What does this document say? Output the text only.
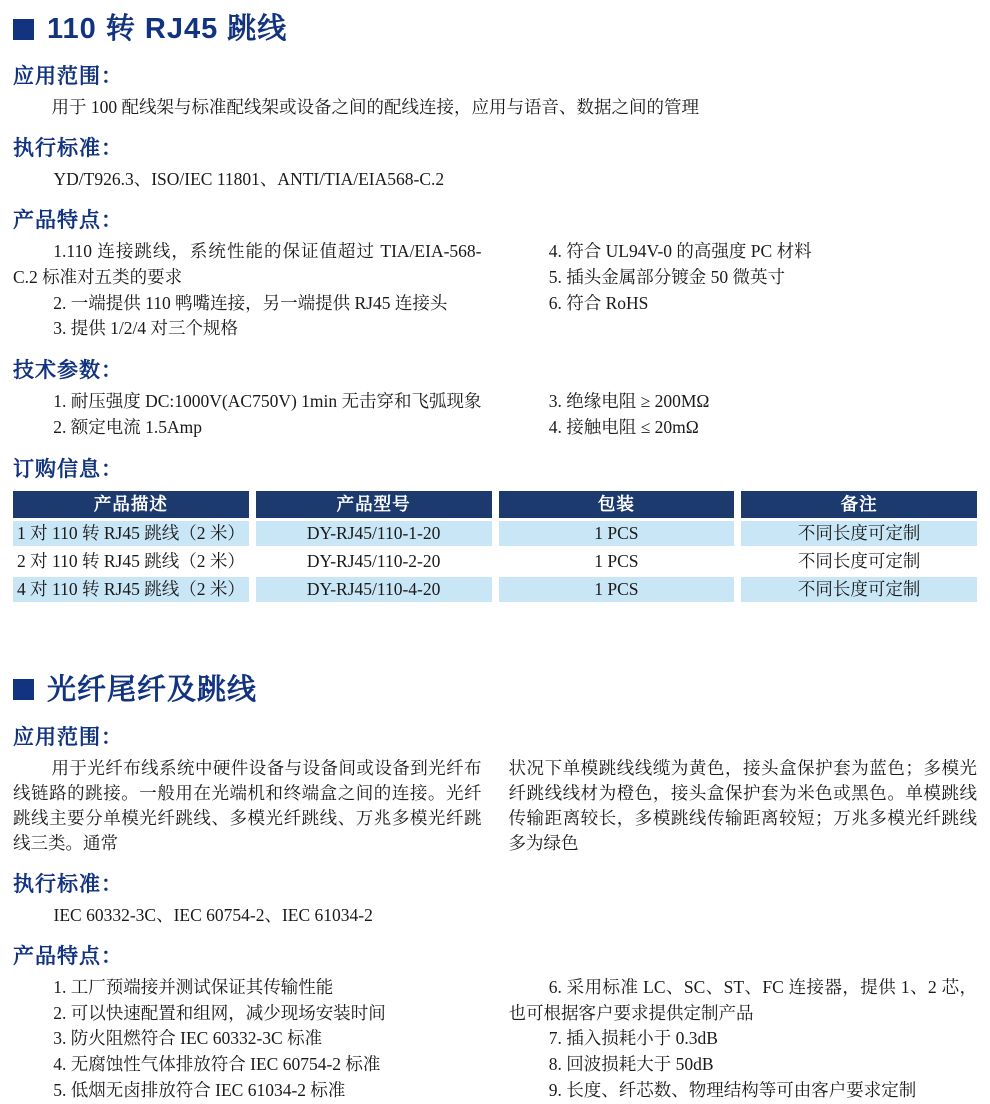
110 转 RJ45 跳线
应用范围：

用于 100 配线架与标准配线架或设备之间的配线连接，应用与语音、数据之间的管理

执行标准：

YD/T926.3、ISO/IEC 11801、ANTI/TIA/EIA568-C.2

产品特点：

1.110 连接跳线，系统性能的保证值超过 TIA/EIA-568-C.2 标准对五类的要求

2. 一端提供 110 鸭嘴连接，另一端提供 RJ45 连接头

3. 提供 1/2/4 对三个规格

4. 符合 UL94V-0 的高强度 PC 材料

5. 插头金属部分镀金 50 微英寸

6. 符合 RoHS

技术参数：

1. 耐压强度 DC:1000V(AC750V) 1min 无击穿和飞弧现象

2. 额定电流 1.5Amp

3. 绝缘电阻 ≥ 200MΩ

4. 接触电阻 ≤ 20mΩ

订购信息：
产品描述	产品型号	包装	备注
1 对 110 转 RJ45 跳线（2 米）	DY-RJ45/110-1-20	1 PCS	不同长度可定制
2 对 110 转 RJ45 跳线（2 米）	DY-RJ45/110-2-20	1 PCS	不同长度可定制
4 对 110 转 RJ45 跳线（2 米）	DY-RJ45/110-4-20	1 PCS	不同长度可定制
光纤尾纤及跳线
应用范围：

用于光纤布线系统中硬件设备与设备间或设备到光纤布线链路的跳接。一般用在光端机和终端盒之间的连接。光纤跳线主要分单模光纤跳线、多模光纤跳线、万兆多模光纤跳线三类。通常

状况下单模跳线线缆为黄色，接头盒保护套为蓝色；多模光纤跳线线材为橙色，接头盒保护套为米色或黑色。单模跳线传输距离较长，多模跳线传输距离较短；万兆多模光纤跳线多为绿色

执行标准：

IEC 60332-3C、IEC 60754-2、IEC 61034-2

产品特点：

1. 工厂预端接并测试保证其传输性能

2. 可以快速配置和组网，减少现场安装时间

3. 防火阻燃符合 IEC 60332-3C 标准

4. 无腐蚀性气体排放符合 IEC 60754-2 标准

5. 低烟无卤排放符合 IEC 61034-2 标准

6. 采用标准 LC、SC、ST、FC 连接器，提供 1、2 芯，也可根据客户要求提供定制产品

7. 插入损耗小于 0.3dB

8. 回波损耗大于 50dB

9. 长度、纤芯数、物理结构等可由客户要求定制
